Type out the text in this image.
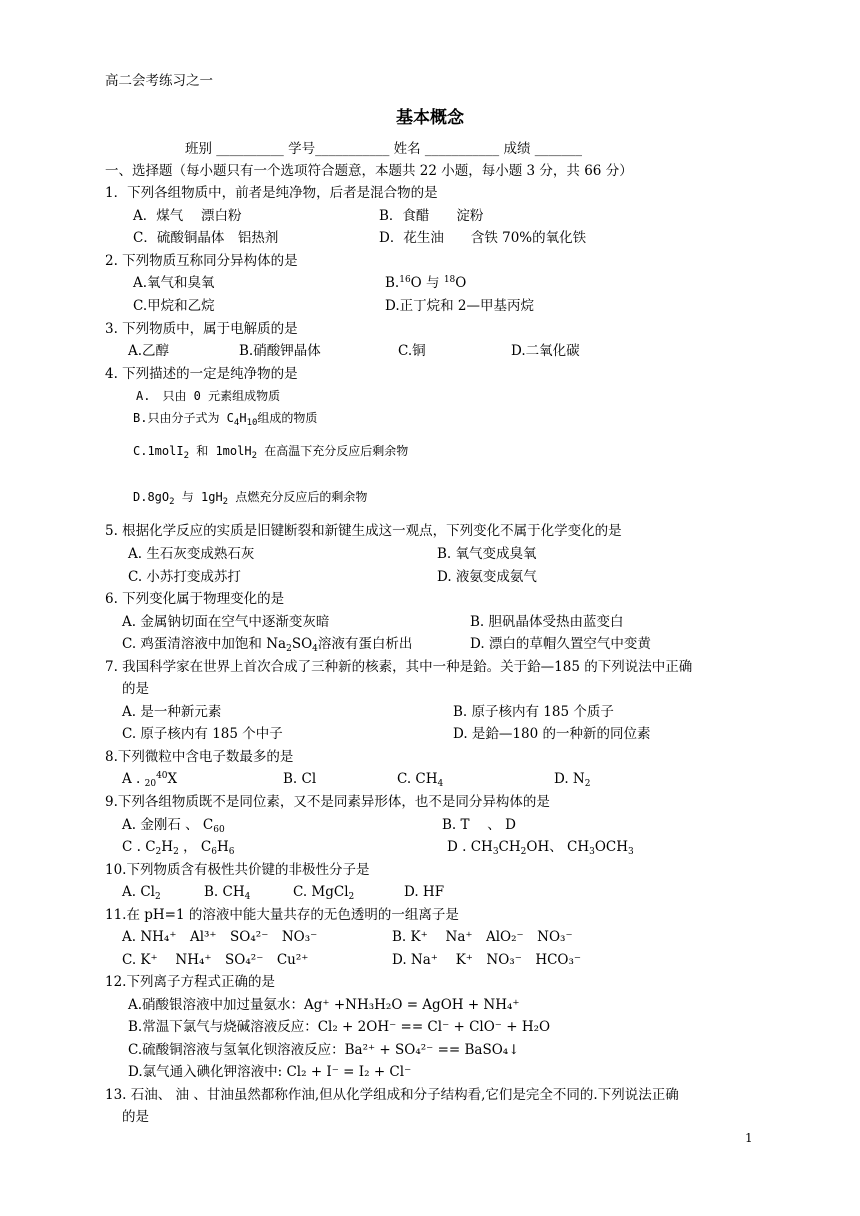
高二会考练习之一
基本概念
班别 __________ 学号___________ 姓名 ___________ 成绩 _______
一、选择题（每小题只有一个选项符合题意，本题共 22 小题，每小题 3 分，共 66 分）
1．下列各组物质中，前者是纯净物，后者是混合物的是
A．煤气　 漂白粉	B．食醋　　淀粉
C．硫酸铜晶体　铝热剂	D．花生油　　含铁 70%的氧化铁
2. 下列物质互称同分异构体的是
A.氧气和臭氧	B.$^{16}$O 与 $^{18}$O
C.甲烷和乙烷	D.正丁烷和 2—甲基丙烷
3. 下列物质中，属于电解质的是
A.乙醇	B.硝酸钾晶体	C.铜	D.二氧化碳
4. 下列描述的一定是纯净物的是
A.　只由 0 元素组成物质
B.只由分子式为 $C_4H_{10}$组成的物质
C.1molI$_2$ 和 1molH$_2$ 在高温下充分反应后剩余物
$D.8gO_2$ 与 $1gH_2$ 点燃充分反应后的剩余物
5. 根据化学反应的实质是旧键断裂和新键生成这一观点，下列变化不属于化学变化的是
A. 生石灰变成熟石灰	B. 氧气变成臭氧
C. 小苏打变成苏打	D. 液氨变成氨气
6. 下列变化属于物理变化的是
A. 金属钠切面在空气中逐渐变灰暗	B. 胆矾晶体受热由蓝变白
C. 鸡蛋清溶液中加饱和 $Na_2SO_4$溶液有蛋白析出	D. 漂白的草帽久置空气中变黄
7. 我国科学家在世界上首次合成了三种新的核素，其中一种是鉿。关于鉿—185 的下列说法中正确
的是
A. 是一种新元素	B. 原子核内有 185 个质子
C. 原子核内有 185 个中子	D. 是鉿—180 的一种新的同位素
8.下列微粒中含电子数最多的是
A . $_{20}^{40}$X	B. Cl	C. $CH_4$	D. $N_2$
9.下列各组物质既不是同位素，又不是同素异形体，也不是同分异构体的是
A. 金刚石 、 $C_{60}$	B. T　 、 D
C . $C_2H_2$ ， $C_6H_6$	D . $CH_3CH_2OH$、 $CH_3OCH_3$
10.下列物质含有极性共价键的非极性分子是
A. $Cl_2$	B. $CH_4$	C. MgCl$_2$	D. HF
11.在 pH=1 的溶液中能大量共存的无色透明的一组离子是
A. NH₄⁺　Al³⁺　SO₄²⁻　NO₃⁻	B. K⁺　 Na⁺　AlO₂⁻　NO₃⁻
C. K⁺　 NH₄⁺　SO₄²⁻　Cu²⁺	D. Na⁺　 K⁺　NO₃⁻　HCO₃⁻
12.下列离子方程式正确的是
A.硝酸银溶液中加过量氨水：Ag⁺ +NH₃H₂O = AgOH + NH₄⁺
B.常温下氯气与烧碱溶液反应：Cl₂ + 2OH⁻ == Cl⁻ + ClO⁻ + H₂O
C.硫酸铜溶液与氢氧化钡溶液反应：Ba²⁺ + SO₄²⁻ == BaSO₄↓
D.氯气通入碘化钾溶液中: Cl₂ + I⁻ = I₂ + Cl⁻
13. 石油、 油 、甘油虽然都称作油,但从化学组成和分子结构看,它们是完全不同的.下列说法正确
的是
1
